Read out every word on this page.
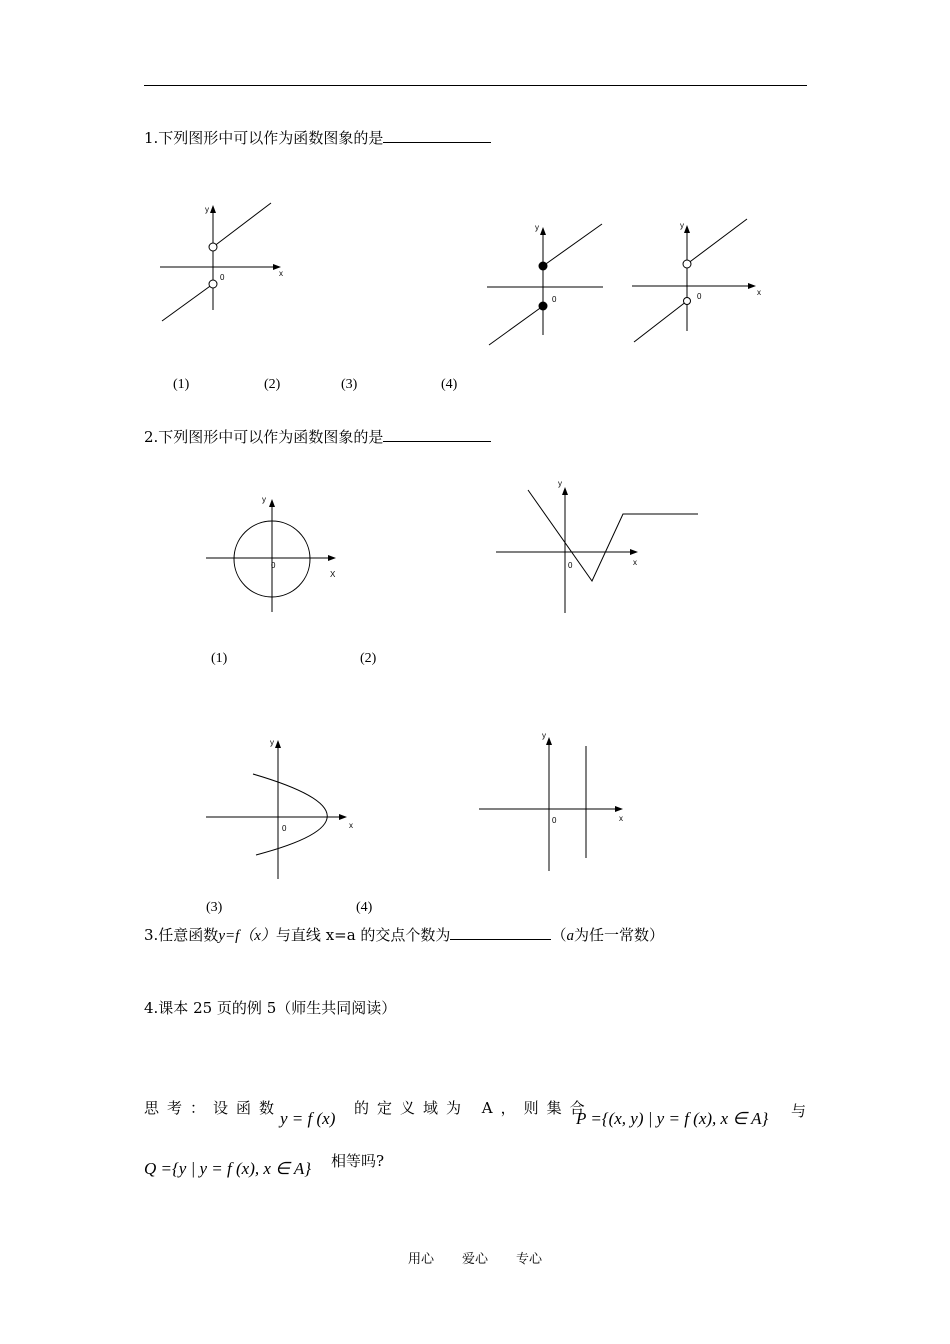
1.下列图形中可以作为函数图象的是
y
0	x
y
0
y
0	x
(1)	(2)	(3)	(4)
2.下列图形中可以作为函数图象的是
y
0
X
y
0	x
(1)	(2)
y
0	x
y
0	x
(3)	(4)
3.任意函数y=f（x）与直线 x=a 的交点个数为	（a为任一常数）
4.课本 25 页的例 5（师生共同阅读）
思考：设函数
y = f (x)
的定义域为 A，则集合
P ={(x, y) | y = f (x), x ∈ A} 与
Q ={y | y = f (x), x ∈ A} 相等吗?
用心 爱心 专心
